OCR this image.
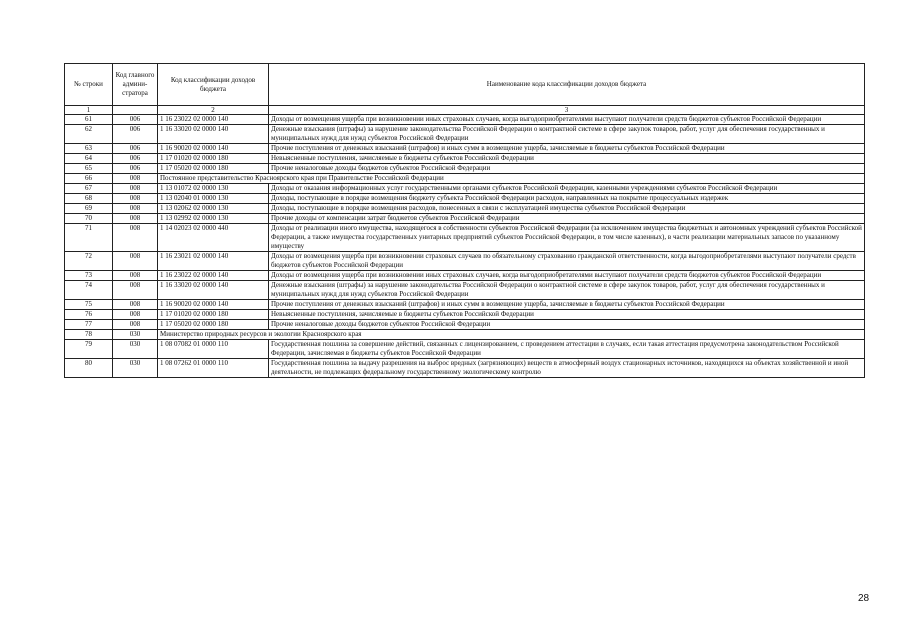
№ строки	Код главного админи-стратора	Код классификации доходов бюджета	Наименование кода классификации доходов бюджета
1		2	3
61	006	1 16 23022 02 0000 140	Доходы от возмещения ущерба при возникновении иных страховых случаев, когда выгодоприобретателями выступают получатели средств бюджетов субъектов Российской Федерации
62	006	1 16 33020 02 0000 140	Денежные взыскания (штрафы) за нарушение законодательства Российской Федерации о контрактной системе в сфере закупок товаров, работ, услуг для обеспечения государственных и муниципальных нужд для нужд субъектов Российской Федерации
63	006	1 16 90020 02 0000 140	Прочие поступления от денежных взысканий (штрафов) и иных сумм в возмещение ущерба, зачисляемые в бюджеты субъектов Российской Федерации
64	006	1 17 01020 02 0000 180	Невыясненные поступления, зачисляемые в бюджеты субъектов Российской Федерации
65	006	1 17 05020 02 0000 180	Прочие неналоговые доходы бюджетов субъектов Российской Федерации
66	008	Постоянное представительство Красноярского края при Правительстве Российской Федерации	
67	008	1 13 01072 02 0000 130	Доходы от оказания информационных услуг государственными органами субъектов Российской Федерации, казенными учреждениями субъектов Российской Федерации
68	008	1 13 02040 01 0000 130	Доходы, поступающие в порядке возмещения бюджету субъекта Российской Федерации расходов, направленных на покрытие процессуальных издержек
69	008	1 13 02062 02 0000 130	Доходы, поступающие в порядке возмещения расходов, понесенных в связи с эксплуатацией имущества субъектов Российской Федерации
70	008	1 13 02992 02 0000 130	Прочие доходы от компенсации затрат бюджетов субъектов Российской Федерации
71	008	1 14 02023 02 0000 440	Доходы от реализации иного имущества, находящегося в собственности субъектов Российской Федерации (за исключением имущества бюджетных и автономных учреждений субъектов Российской Федерации, а также имущества государственных унитарных предприятий субъектов Российской Федерации, в том числе казенных), в части реализации материальных запасов по указанному имуществу
72	008	1 16 23021 02 0000 140	Доходы от возмещения ущерба при возникновении страховых случаев по обязательному страхованию гражданской ответственности, когда выгодоприобретателями выступают получатели средств бюджетов субъектов Российской Федерации
73	008	1 16 23022 02 0000 140	Доходы от возмещения ущерба при возникновении иных страховых случаев, когда выгодоприобретателями выступают получатели средств бюджетов субъектов Российской Федерации
74	008	1 16 33020 02 0000 140	Денежные взыскания (штрафы) за нарушение законодательства Российской Федерации о контрактной системе в сфере закупок товаров, работ, услуг для обеспечения государственных и муниципальных нужд для нужд субъектов Российской Федерации
75	008	1 16 90020 02 0000 140	Прочие поступления от денежных взысканий (штрафов) и иных сумм в возмещение ущерба, зачисляемые в бюджеты субъектов Российской Федерации
76	008	1 17 01020 02 0000 180	Невыясненные поступления, зачисляемые в бюджеты субъектов Российской Федерации
77	008	1 17 05020 02 0000 180	Прочие неналоговые доходы бюджетов субъектов Российской Федерации
78	030	Министерство природных ресурсов и экологии Красноярского края	
79	030	1 08 07082 01 0000 110	Государственная пошлина за совершение действий, связанных с лицензированием, с проведением аттестации в случаях, если такая аттестация предусмотрена законодательством Российской Федерации, зачисляемая в бюджеты субъектов Российской Федерации
80	030	1 08 07262 01 0000 110	Государственная пошлина за выдачу разрешения на выброс вредных (загрязняющих) веществ в атмосферный воздух стационарных источников, находящихся на объектах хозяйственной и иной деятельности, не подлежащих федеральному государственному экологическому контролю
28
